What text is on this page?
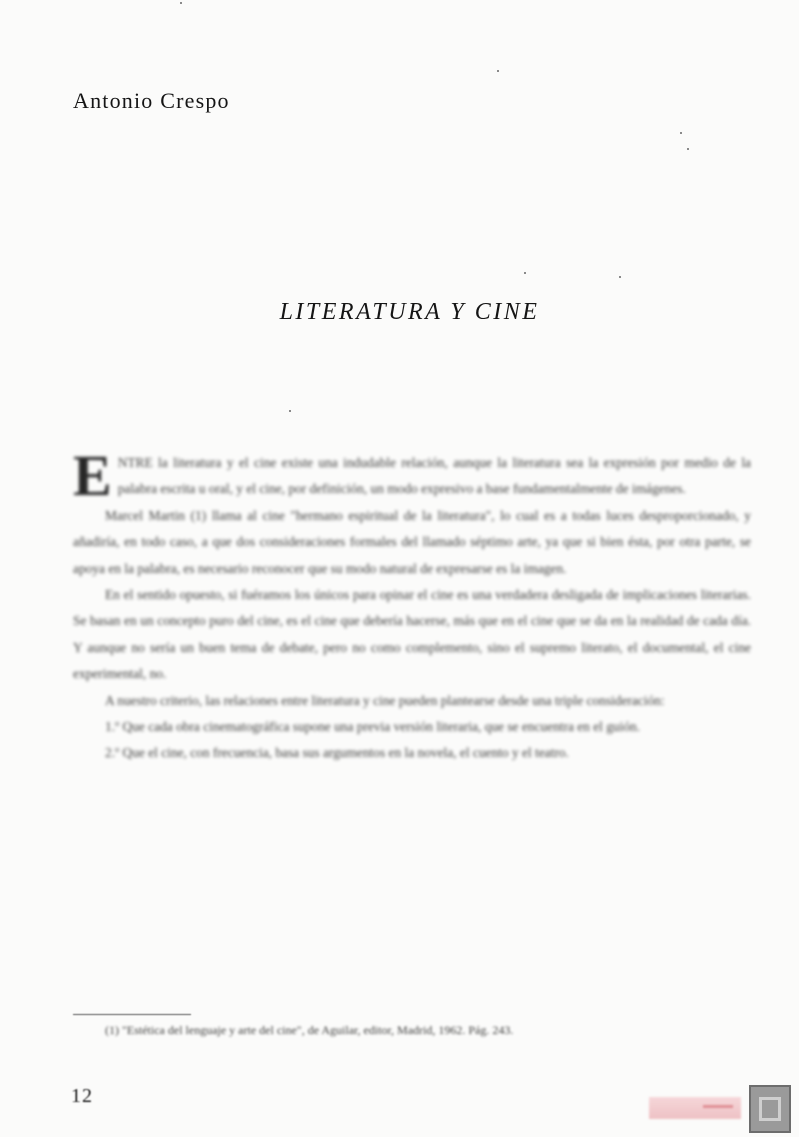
Antonio Crespo
LITERATURA Y CINE

E NTRE la literatura y el cine existe una indudable relación, aunque la literatura sea la expresión por medio de la palabra escrita u oral, y el cine, por definición, un modo expresivo a base fundamentalmente de imágenes.

Marcel Martin (1) llama al cine "hermano espiritual de la literatura", lo cual es a todas luces desproporcionado, y añadiría, en todo caso, a que dos consideraciones formales del llamado séptimo arte, ya que si bien ésta, por otra parte, se apoya en la palabra, es necesario reconocer que su modo natural de expresarse es la imagen.

En el sentido opuesto, si fuéramos los únicos para opinar el cine es una verdadera desligada de implicaciones literarias. Se basan en un concepto puro del cine, es el cine que debería hacerse, más que en el cine que se da en la realidad de cada día. Y aunque no sería un buen tema de debate, pero no como complemento, sino el supremo literato, el documental, el cine experimental, no.

A nuestro criterio, las relaciones entre literatura y cine pueden plantearse desde una triple consideración:

1.º Que cada obra cinematográfica supone una previa versión literaria, que se encuentra en el guión.

2.º Que el cine, con frecuencia, basa sus argumentos en la novela, el cuento y el teatro.

(1) "Estética del lenguaje y arte del cine", de Aguilar, editor, Madrid, 1962. Pág. 243.
12
